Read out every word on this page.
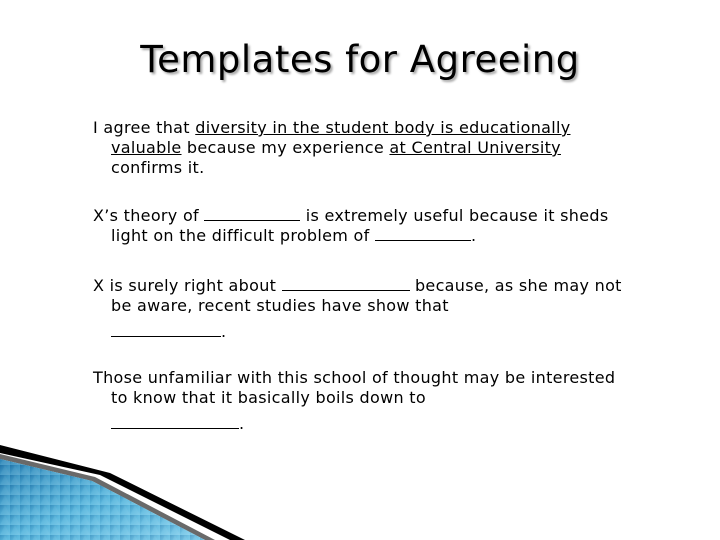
Templates for Agreeing
I agree that diversity in the student body is educationally
valuable because my experience at Central University
confirms it.
X’s theory of	is extremely useful because it sheds
light on the difficult problem of	.
X is surely right about	because, as she may not
be aware, recent studies have show that
.
Those unfamiliar with this school of thought may be interested
to know that it basically boils down to
.
